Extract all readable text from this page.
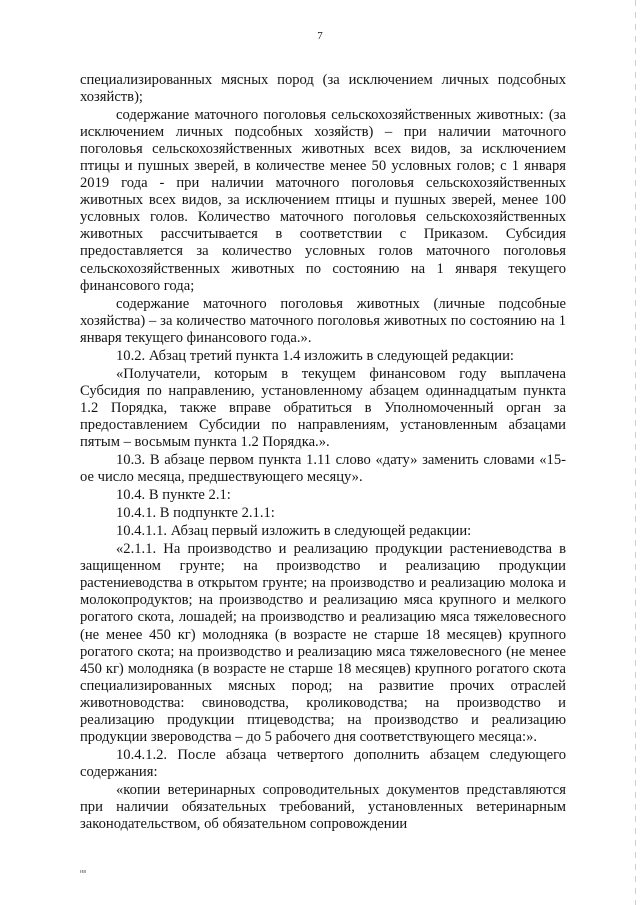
7

специализированных мясных пород (за исключением личных подсобных хозяйств);

содержание маточного поголовья сельскохозяйственных животных: (за исключением личных подсобных хозяйств) – при наличии маточного поголовья сельскохозяйственных животных всех видов, за исключением птицы и пушных зверей, в количестве менее 50 условных голов; с 1 января 2019 года - при наличии маточного поголовья сельскохозяйственных животных всех видов, за исключением птицы и пушных зверей, менее 100 условных голов. Количество маточного поголовья сельскохозяйственных животных рассчитывается в соответствии с Приказом. Субсидия предоставляется за количество условных голов маточного поголовья сельскохозяйственных животных по состоянию на 1 января текущего финансового года;

содержание маточного поголовья животных (личные подсобные хозяйства) – за количество маточного поголовья животных по состоянию на 1 января текущего финансового года.».

10.2. Абзац третий пункта 1.4 изложить в следующей редакции:

«Получатели, которым в текущем финансовом году выплачена Субсидия по направлению, установленному абзацем одиннадцатым пункта 1.2 Порядка, также вправе обратиться в Уполномоченный орган за предоставлением Субсидии по направлениям, установленным абзацами пятым – восьмым пункта 1.2 Порядка.».

10.3. В абзаце первом пункта 1.11 слово «дату» заменить словами «15-ое число месяца, предшествующего месяцу».

10.4. В пункте 2.1:

10.4.1. В подпункте 2.1.1:

10.4.1.1. Абзац первый изложить в следующей редакции:

«2.1.1. На производство и реализацию продукции растениеводства в защищенном грунте; на производство и реализацию продукции растениеводства в открытом грунте; на производство и реализацию молока и молокопродуктов; на производство и реализацию мяса крупного и мелкого рогатого скота, лошадей; на производство и реализацию мяса тяжеловесного (не менее 450 кг) молодняка (в возрасте не старше 18 месяцев) крупного рогатого скота; на производство и реализацию мяса тяжеловесного (не менее 450 кг) молодняка (в возрасте не старше 18 месяцев) крупного рогатого скота специализированных мясных пород; на развитие прочих отраслей животноводства: свиноводства, кролиководства; на производство и реализацию продукции птицеводства; на производство и реализацию продукции звероводства – до 5 рабочего дня соответствующего месяца:».

10.4.1.2. После абзаца четвертого дополнить абзацем следующего содержания:

«копии ветеринарных сопроводительных документов представляются при наличии обязательных требований, установленных ветеринарным законодательством, об обязательном сопровождении

нв
